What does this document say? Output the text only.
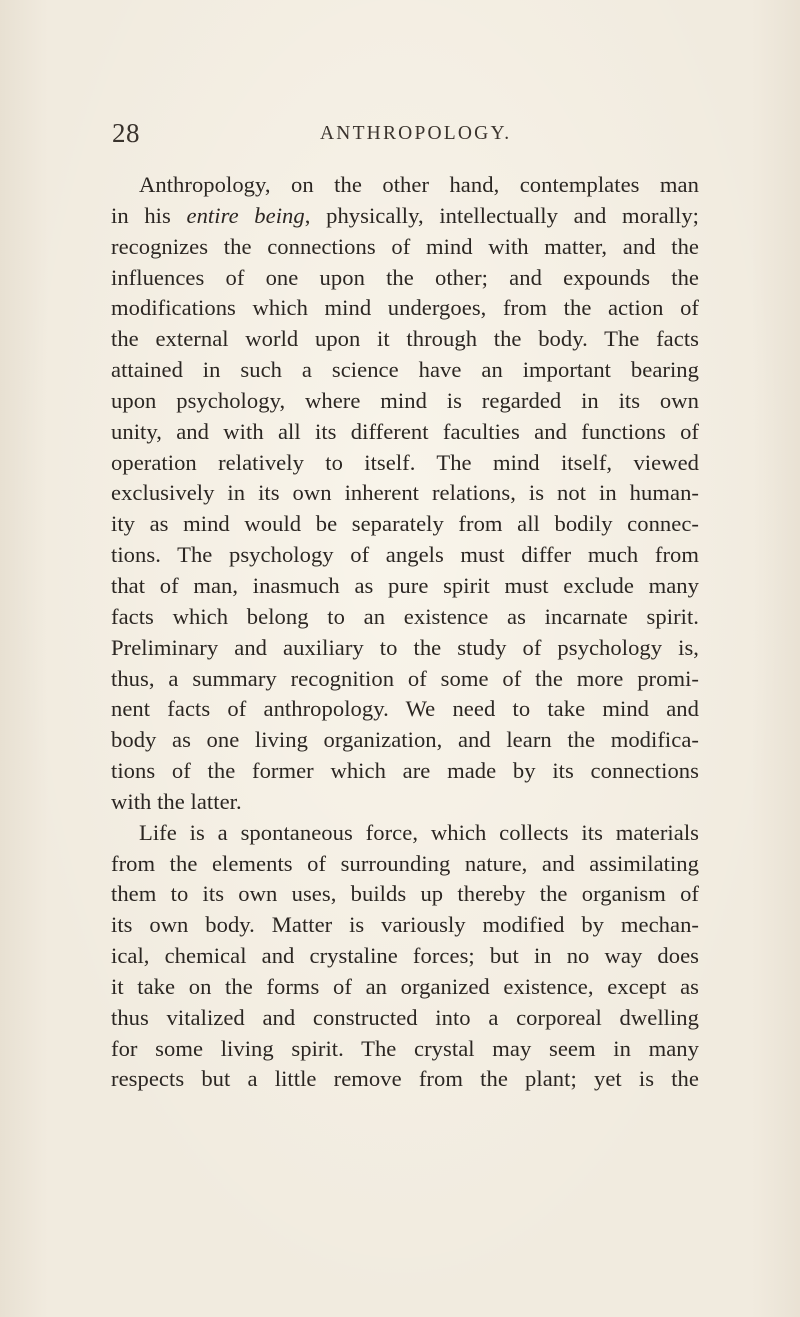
28	ANTHROPOLOGY.
Anthropology, on the other hand, contemplates man
in his entire being, physically, intellectually and morally;
recognizes the connections of mind with matter, and the
influences of one upon the other; and expounds the
modifications which mind undergoes, from the action of
the external world upon it through the body. The facts
attained in such a science have an important bearing
upon psychology, where mind is regarded in its own
unity, and with all its different faculties and functions of
operation relatively to itself. The mind itself, viewed
exclusively in its own inherent relations, is not in human-
ity as mind would be separately from all bodily connec-
tions. The psychology of angels must differ much from
that of man, inasmuch as pure spirit must exclude many
facts which belong to an existence as incarnate spirit.
Preliminary and auxiliary to the study of psychology is,
thus, a summary recognition of some of the more promi-
nent facts of anthropology. We need to take mind and
body as one living organization, and learn the modifica-
tions of the former which are made by its connections
with the latter.
Life is a spontaneous force, which collects its materials
from the elements of surrounding nature, and assimilating
them to its own uses, builds up thereby the organism of
its own body. Matter is variously modified by mechan-
ical, chemical and crystaline forces; but in no way does
it take on the forms of an organized existence, except as
thus vitalized and constructed into a corporeal dwelling
for some living spirit. The crystal may seem in many
respects but a little remove from the plant; yet is the
